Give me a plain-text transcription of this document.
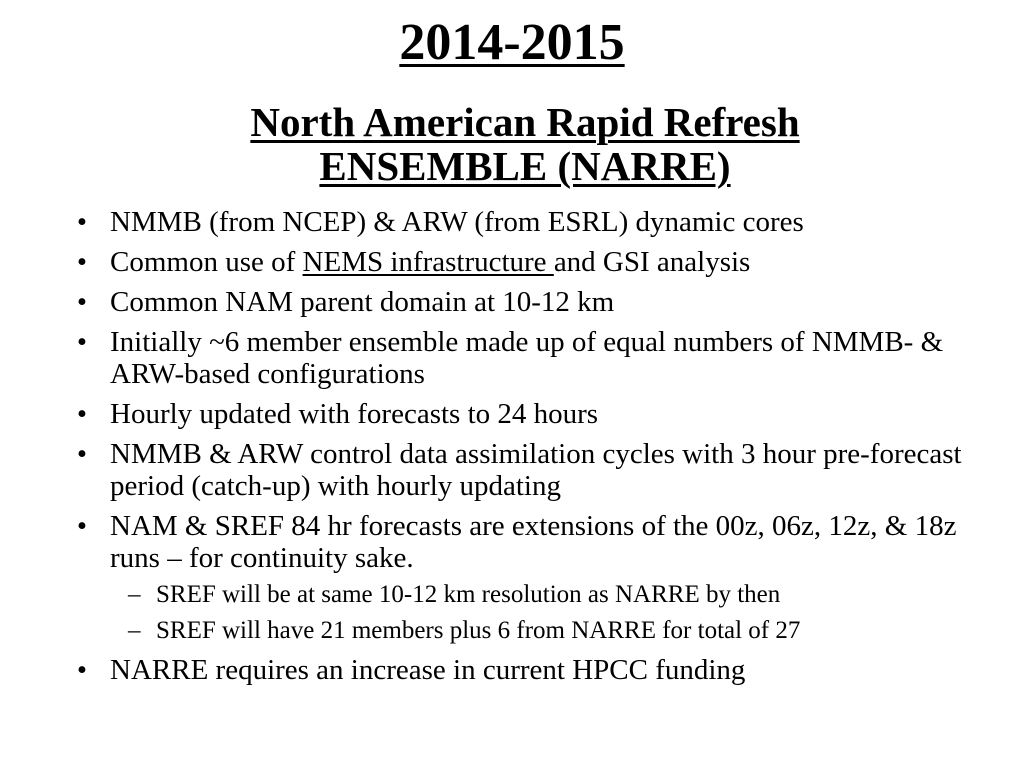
2014-2015
North American Rapid Refresh
ENSEMBLE (NARRE)
• NMMB (from NCEP) & ARW (from ESRL) dynamic cores
• Common use of NEMS infrastructure and GSI analysis
• Common NAM parent domain at 10-12 km
• Initially ~6 member ensemble made up of equal numbers of NMMB- & ARW-based configurations
• Hourly updated with forecasts to 24 hours
• NMMB & ARW control data assimilation cycles with 3 hour pre-forecast period (catch-up) with hourly updating
• NAM & SREF 84 hr forecasts are extensions of the 00z, 06z, 12z, & 18z runs – for continuity sake.
– SREF will be at same 10-12 km resolution as NARRE by then
– SREF will have 21 members plus 6 from NARRE for total of 27
• NARRE requires an increase in current HPCC funding
